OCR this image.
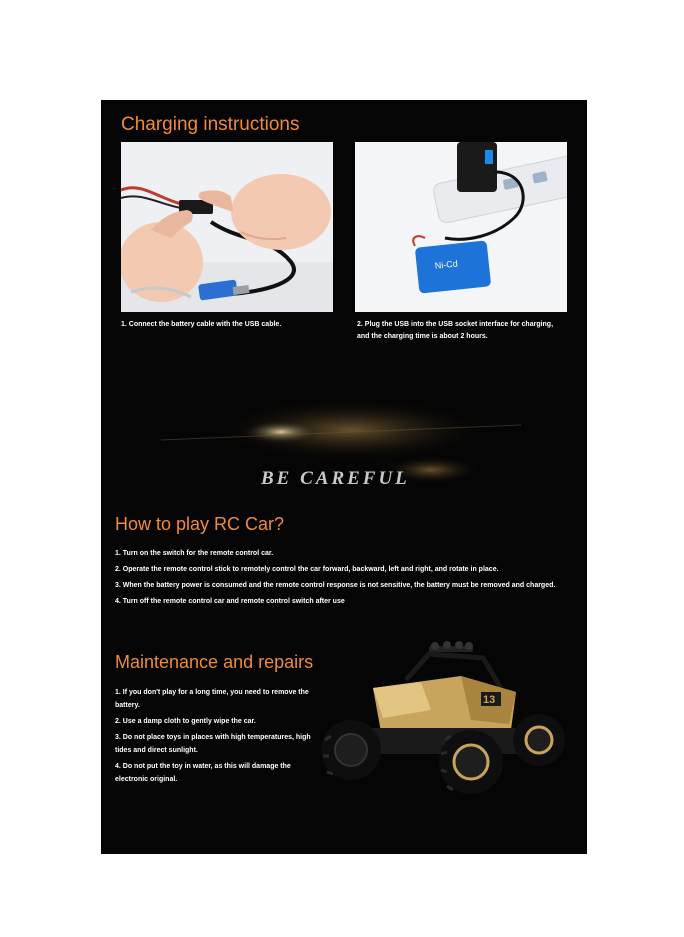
Charging instructions
Ni-Cd

1. Connect the battery cable with the USB cable.	2. Plug the USB into the USB socket interface for charging, and the charging time is about 2 hours.

BE CAREFUL
How to play RC Car?
1. Turn on the switch for the remote control car.
2. Operate the remote control stick to remotely control the car forward, backward, left and right, and rotate in place.
3. When the battery power is consumed and the remote control response is not sensitive, the battery must be removed and charged.
4. Turn off the remote control car and remote control switch after use
Maintenance and repairs
1. If you don't play for a long time, you need to remove the battery.
2. Use a damp cloth to gently wipe the car.
3. Do not place toys in places with high temperatures, high tides and direct sunlight.
4. Do not put the toy in water, as this will damage the electronic original.
13
